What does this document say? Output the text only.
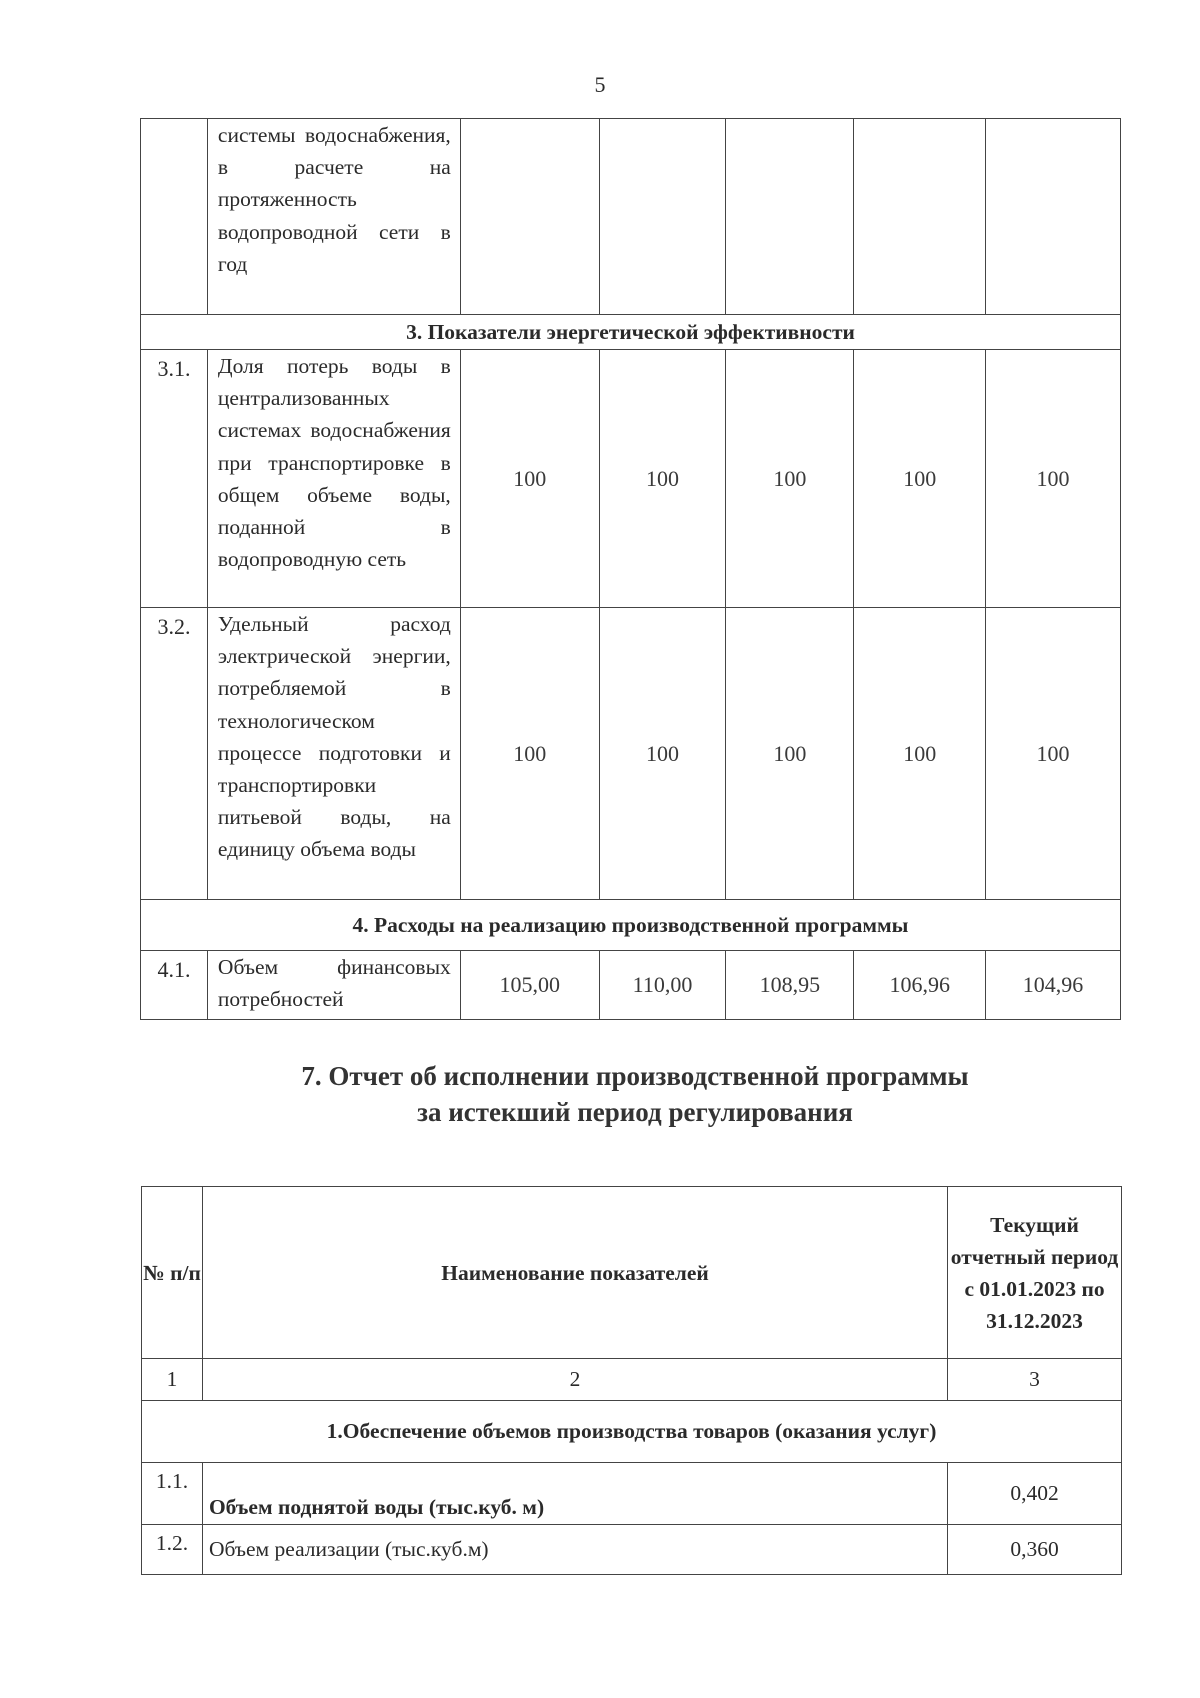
5
	системы водоснабжения, в расчете на протяженность водопроводной сети в год					
3. Показатели энергетической эффективности						
3.1.	Доля потерь воды в централизованных системах водоснабжения при транспортировке в общем объеме воды, поданной в водопроводную сеть	100	100	100	100	100
3.2.	Удельный расход электрической энергии, потребляемой в технологическом процессе подготовки и транспортировки питьевой воды, на единицу объема воды	100	100	100	100	100
4. Расходы на реализацию производственной программы						
4.1.	Объем финансовых потребностей	105,00	110,00	108,95	106,96	104,96
7. Отчет об исполнении производственной программы
за истекший период регулирования
№ п/п	Наименование показателей	Текущий отчетный период с 01.01.2023 по 31.12.2023
1	2	3
1.Обеспечение объемов производства товаров (оказания услуг)		
1.1.	Объем поднятой воды (тыс.куб. м)	0,402
1.2.	Объем реализации (тыс.куб.м)	0,360
